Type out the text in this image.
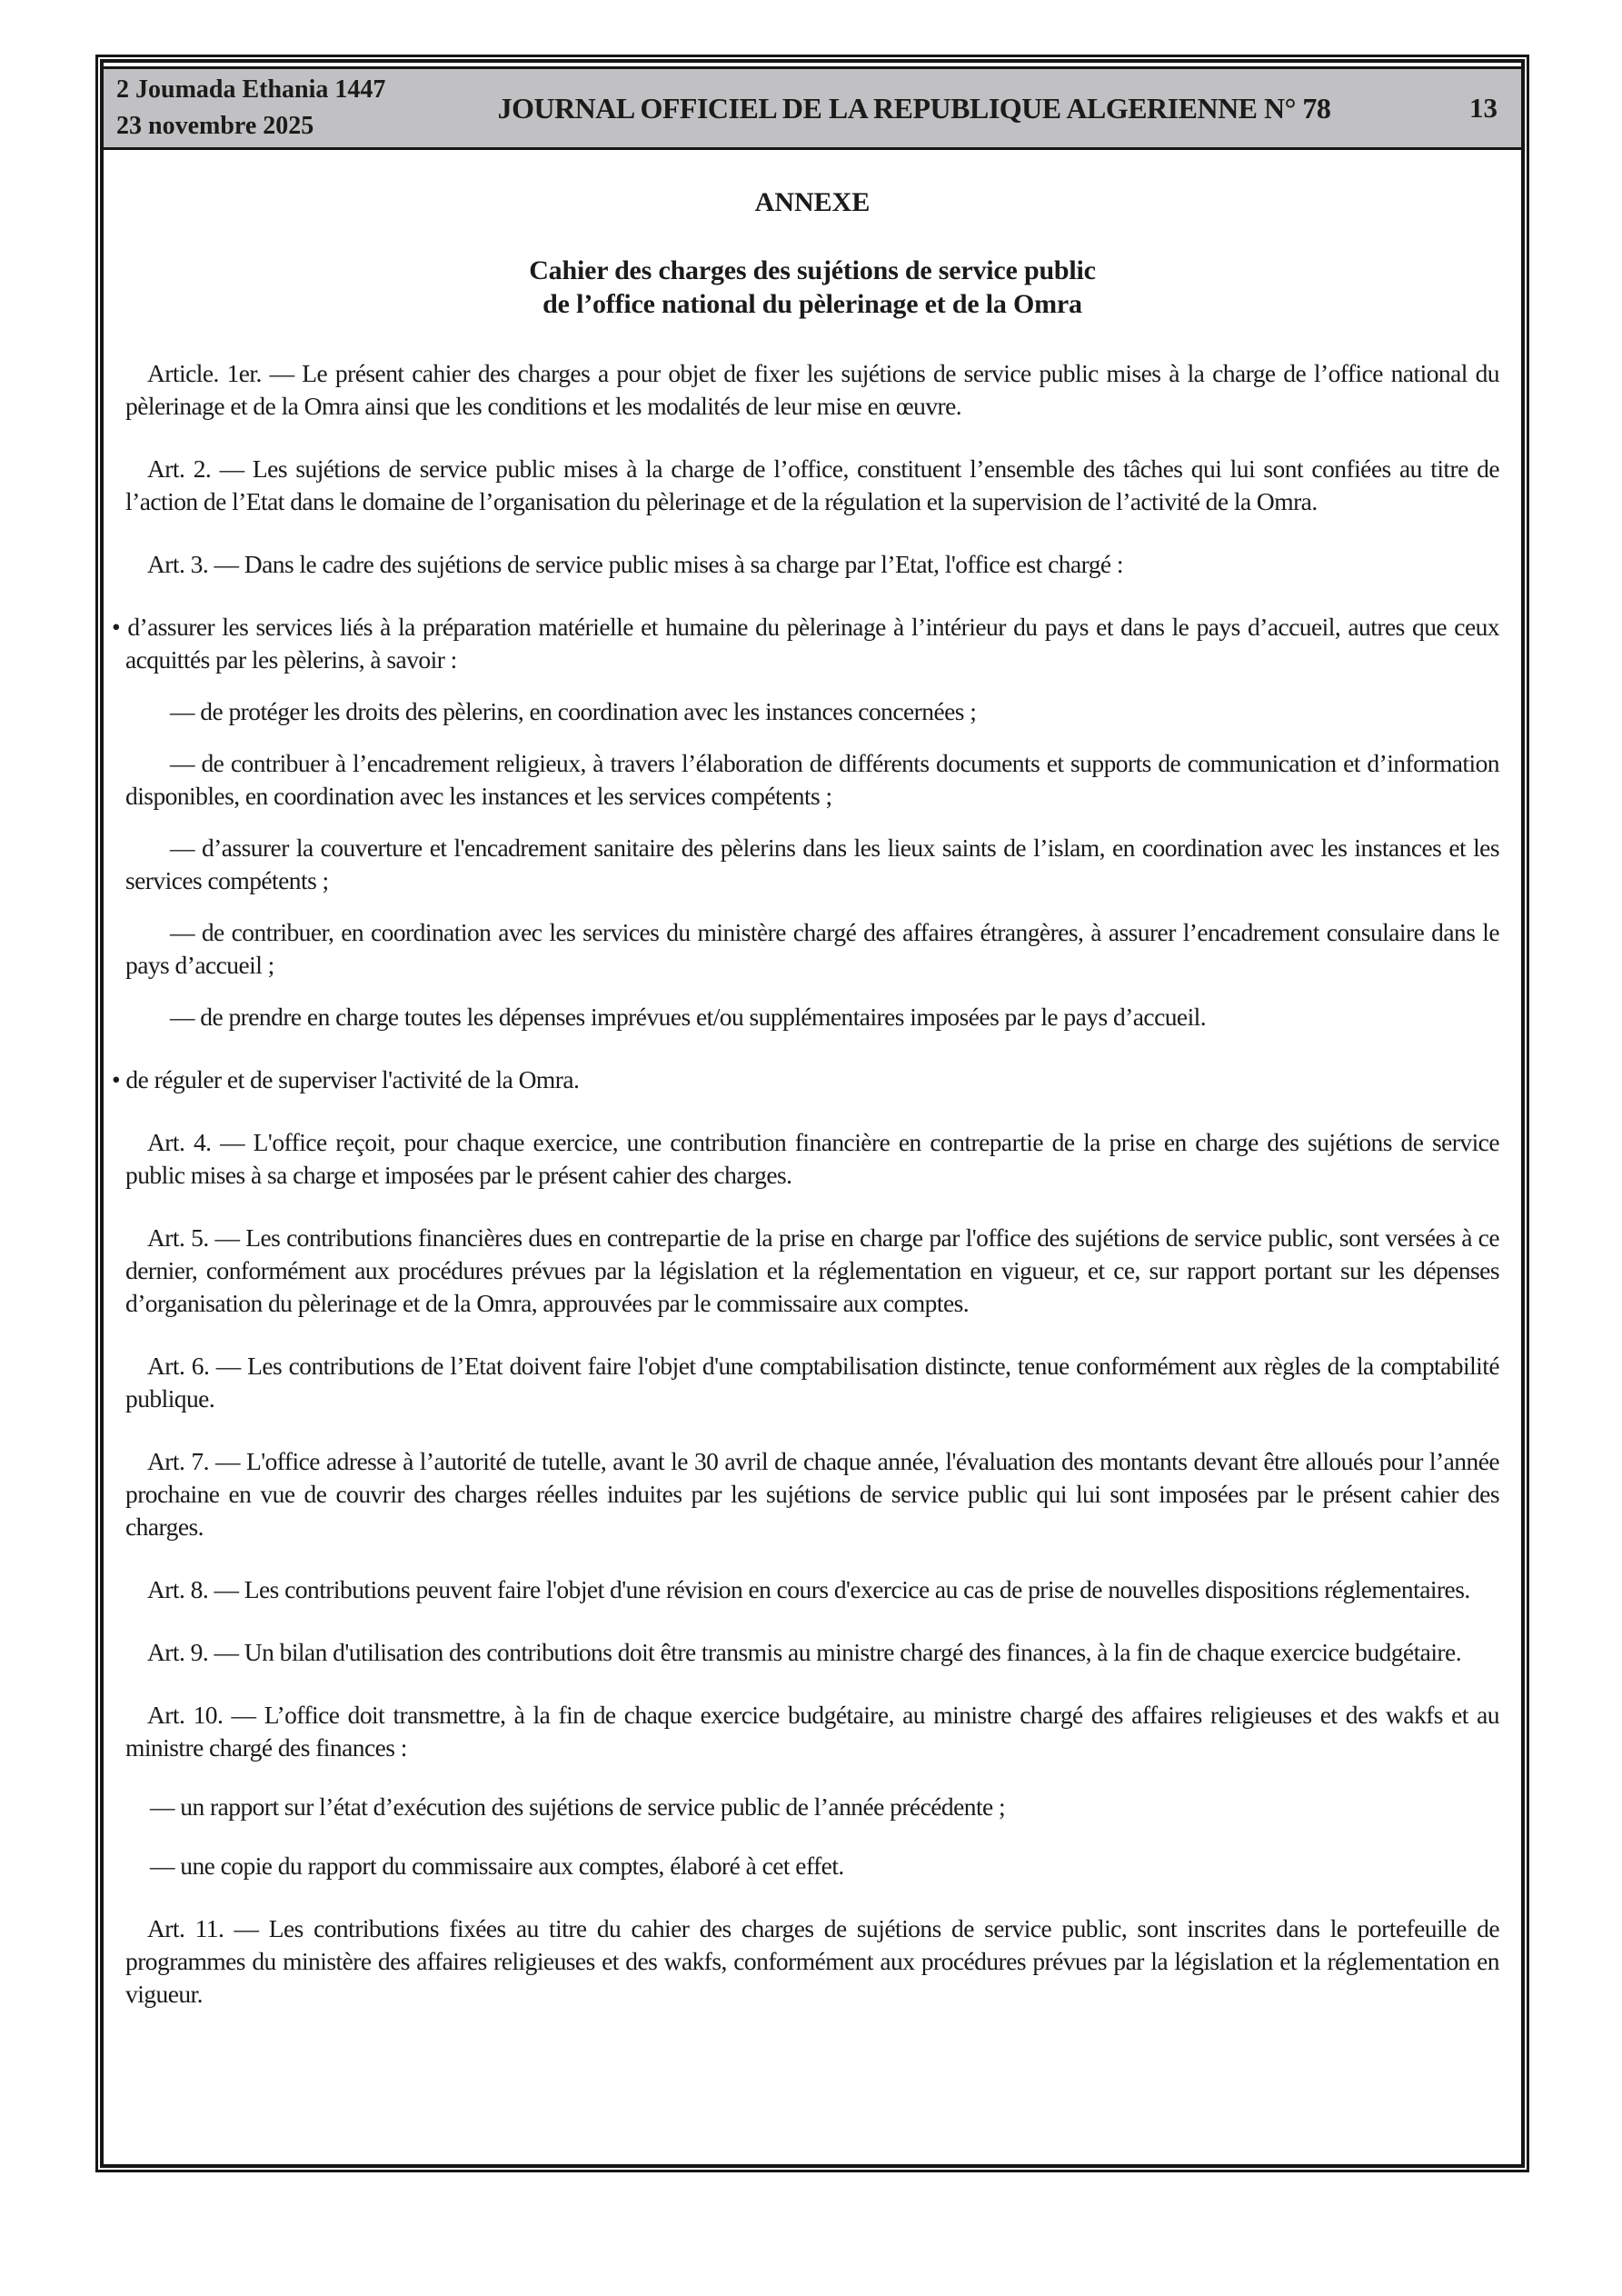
2 Joumada Ethania 1447
23 novembre 2025
JOURNAL OFFICIEL DE LA REPUBLIQUE ALGERIENNE N° 78	13
ANNEXE
Cahier des charges des sujétions de service public
de l’office national du pèlerinage et de la Omra

Article. 1er. — Le présent cahier des charges a pour objet de fixer les sujétions de service public mises à la charge de l’office national du pèlerinage et de la Omra ainsi que les conditions et les modalités de leur mise en œuvre.

Art. 2. — Les sujétions de service public mises à la charge de l’office, constituent l’ensemble des tâches qui lui sont confiées au titre de l’action de l’Etat dans le domaine de l’organisation du pèlerinage et de la régulation et la supervision de l’activité de la Omra.

Art. 3. — Dans le cadre des sujétions de service public mises à sa charge par l’Etat, l'office est chargé :

• d’assurer les services liés à la préparation matérielle et humaine du pèlerinage à l’intérieur du pays et dans le pays d’accueil, autres que ceux acquittés par les pèlerins, à savoir :

— de protéger les droits des pèlerins, en coordination avec les instances concernées ;

— de contribuer à l’encadrement religieux, à travers l’élaboration de différents documents et supports de communication et d’information disponibles, en coordination avec les instances et les services compétents ;

— d’assurer la couverture et l'encadrement sanitaire des pèlerins dans les lieux saints de l’islam, en coordination avec les instances et les services compétents ;

— de contribuer, en coordination avec les services du ministère chargé des affaires étrangères, à assurer l’encadrement consulaire dans le pays d’accueil ;

— de prendre en charge toutes les dépenses imprévues et/ou supplémentaires imposées par le pays d’accueil.

• de réguler et de superviser l'activité de la Omra.

Art. 4. — L'office reçoit, pour chaque exercice, une contribution financière en contrepartie de la prise en charge des sujétions de service public mises à sa charge et imposées par le présent cahier des charges.

Art. 5. — Les contributions financières dues en contrepartie de la prise en charge par l'office des sujétions de service public, sont versées à ce dernier, conformément aux procédures prévues par la législation et la réglementation en vigueur, et ce, sur rapport portant sur les dépenses d’organisation du pèlerinage et de la Omra, approuvées par le commissaire aux comptes.

Art. 6. — Les contributions de l’Etat doivent faire l'objet d'une comptabilisation distincte, tenue conformément aux règles de la comptabilité publique.

Art. 7. — L'office adresse à l’autorité de tutelle, avant le 30 avril de chaque année, l'évaluation des montants devant être alloués pour l’année prochaine en vue de couvrir des charges réelles induites par les sujétions de service public qui lui sont imposées par le présent cahier des charges.

Art. 8. — Les contributions peuvent faire l'objet d'une révision en cours d'exercice au cas de prise de nouvelles dispositions réglementaires.

Art. 9. — Un bilan d'utilisation des contributions doit être transmis au ministre chargé des finances, à la fin de chaque exercice budgétaire.

Art. 10. — L’office doit transmettre, à la fin de chaque exercice budgétaire, au ministre chargé des affaires religieuses et des wakfs et au ministre chargé des finances :

— un rapport sur l’état d’exécution des sujétions de service public de l’année précédente ;

— une copie du rapport du commissaire aux comptes, élaboré à cet effet.

Art. 11. — Les contributions fixées au titre du cahier des charges de sujétions de service public, sont inscrites dans le portefeuille de programmes du ministère des affaires religieuses et des wakfs, conformément aux procédures prévues par la législation et la réglementation en vigueur.
